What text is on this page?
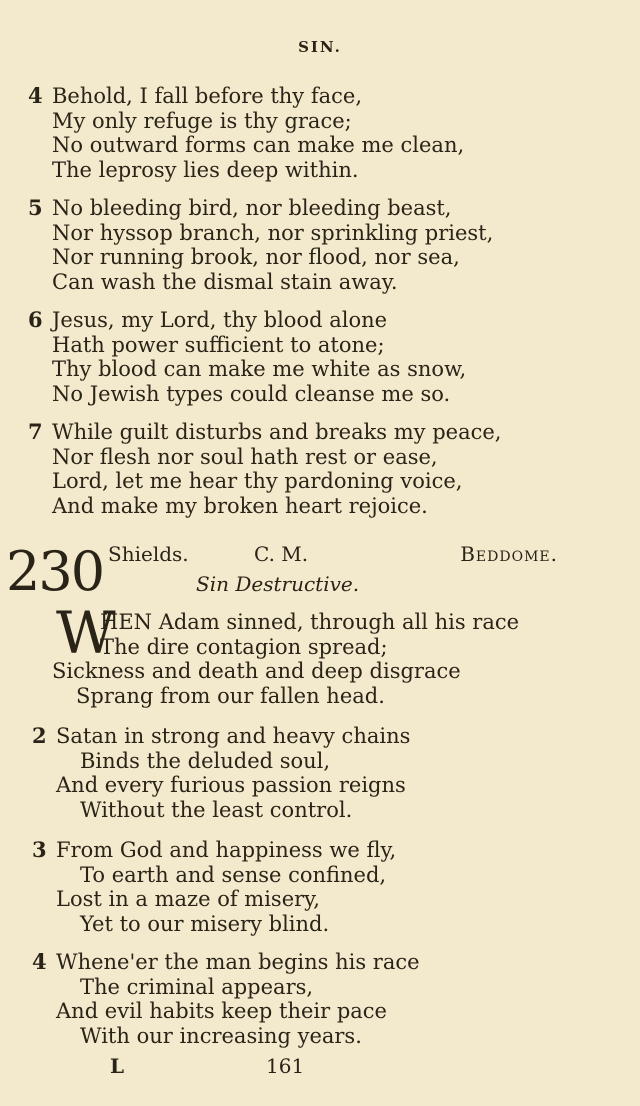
SIN.
4 Behold, I fall before thy face,
My only refuge is thy grace;
No outward forms can make me clean,
The leprosy lies deep within.
5 No bleeding bird, nor bleeding beast,
Nor hyssop branch, nor sprinkling priest,
Nor running brook, nor flood, nor sea,
Can wash the dismal stain away.
6 Jesus, my Lord, thy blood alone
Hath power sufficient to atone;
Thy blood can make me white as snow,
No Jewish types could cleanse me so.
7 While guilt disturbs and breaks my peace,
Nor flesh nor soul hath rest or ease,
Lord, let me hear thy pardoning voice,
And make my broken heart rejoice.
230 Shields.	C. M.	Beddome.
Sin Destructive.
W
HEN Adam sinned, through all his race
The dire contagion spread;
Sickness and death and deep disgrace
Sprang from our fallen head.
2 Satan in strong and heavy chains
Binds the deluded soul,
And every furious passion reigns
Without the least control.
3 From God and happiness we fly,
To earth and sense confined,
Lost in a maze of misery,
Yet to our misery blind.
4 Whene'er the man begins his race
The criminal appears,
And evil habits keep their pace
With our increasing years.
L	161
